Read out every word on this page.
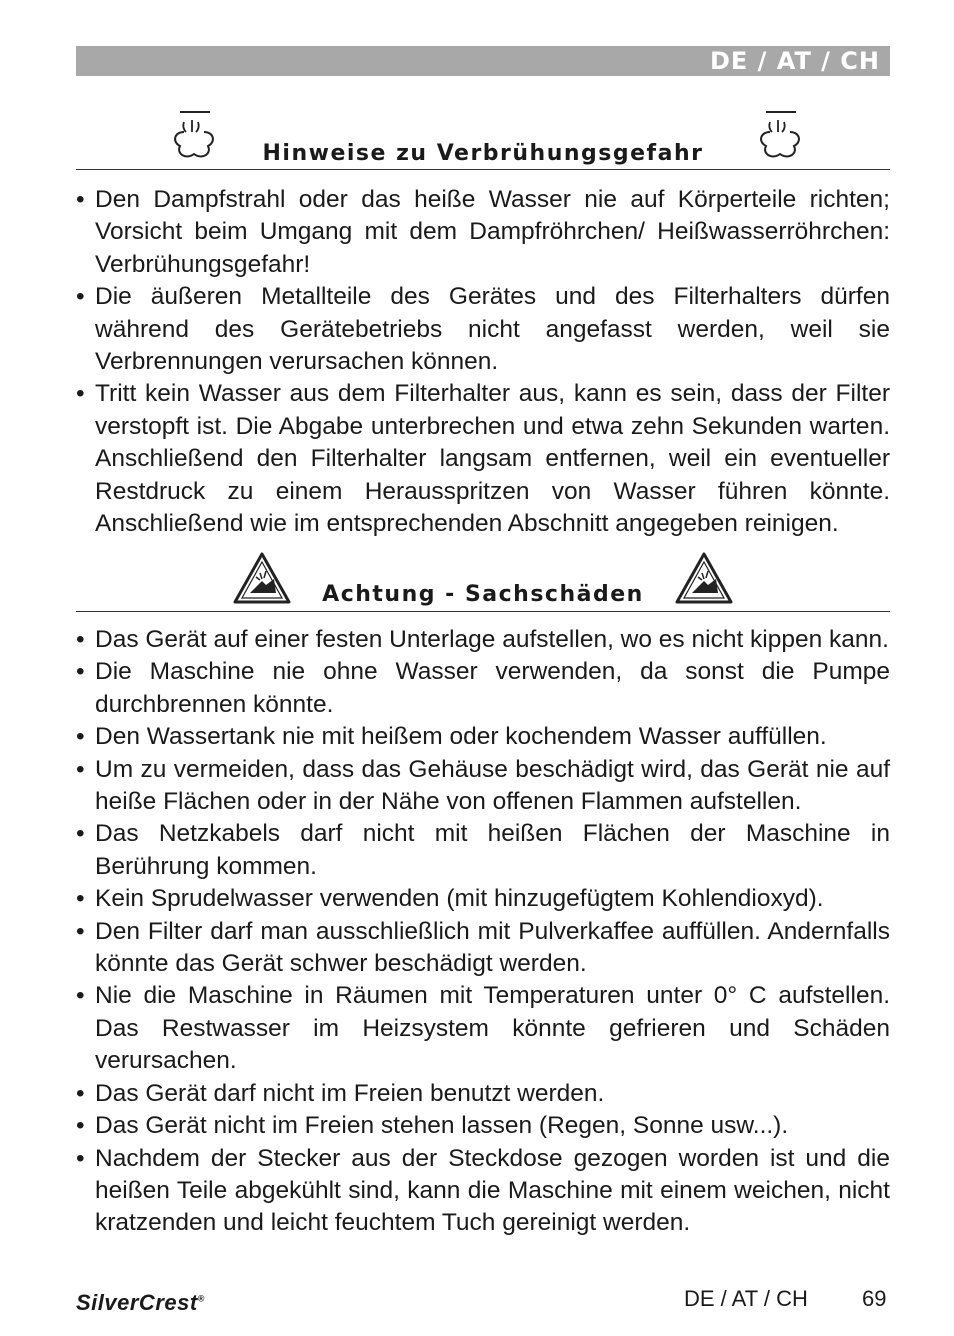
DE / AT / CH
Hinweise zu Verbrühungsgefahr
• Den Dampfstrahl oder das heiße Wasser nie auf Körperteile richten; Vorsicht beim Umgang mit dem Dampfröhrchen/ Heißwasserröhrchen: Verbrühungsgefahr!
• Die äußeren Metallteile des Gerätes und des Filterhalters dürfen während des Gerätebetriebs nicht angefasst werden, weil sie Verbrennungen verursachen können.
• Tritt kein Wasser aus dem Filterhalter aus, kann es sein, dass der Filter verstopft ist. Die Abgabe unterbrechen und etwa zehn Sekunden warten. Anschließend den Filterhalter langsam entfernen, weil ein eventueller Restdruck zu einem Herausspritzen von Wasser führen könnte. Anschließend wie im entsprechenden Abschnitt angegeben reinigen.
Achtung - Sachschäden
• Das Gerät auf einer festen Unterlage aufstellen, wo es nicht kippen kann.
• Die Maschine nie ohne Wasser verwenden, da sonst die Pumpe durchbrennen könnte.
• Den Wassertank nie mit heißem oder kochendem Wasser auffüllen.
• Um zu vermeiden, dass das Gehäuse beschädigt wird, das Gerät nie auf heiße Flächen oder in der Nähe von offenen Flammen aufstellen.
• Das Netzkabels darf nicht mit heißen Flächen der Maschine in Berührung kommen.
• Kein Sprudelwasser verwenden (mit hinzugefügtem Kohlendioxyd).
• Den Filter darf man ausschließlich mit Pulverkaffee auffüllen. Andernfalls könnte das Gerät schwer beschädigt werden.
• Nie die Maschine in Räumen mit Temperaturen unter 0° C aufstellen. Das Restwasser im Heizsystem könnte gefrieren und Schäden verursachen.
• Das Gerät darf nicht im Freien benutzt werden.
• Das Gerät nicht im Freien stehen lassen (Regen, Sonne usw...).
• Nachdem der Stecker aus der Steckdose gezogen worden ist und die heißen Teile abgekühlt sind, kann die Maschine mit einem weichen, nicht kratzenden und leicht feuchtem Tuch gereinigt werden.
SilverCrest®	DE / AT / CH 69
